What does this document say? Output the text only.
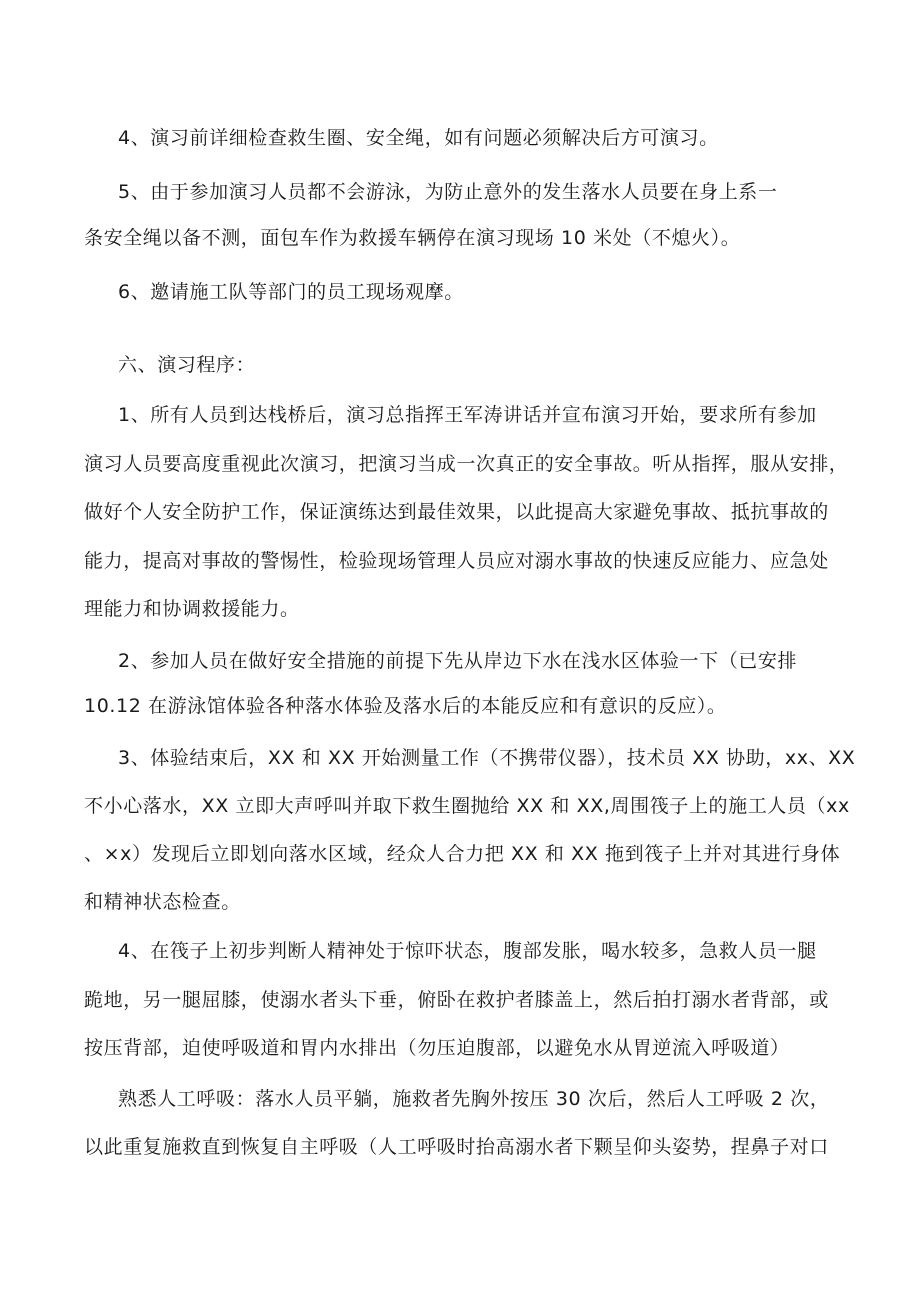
4、演习前详细检查救生圈、安全绳，如有问题必须解决后方可演习。
5、由于参加演习人员都不会游泳，为防止意外的发生落水人员要在身上系一
条安全绳以备不测，面包车作为救援车辆停在演习现场 10 米处（不熄火）。
6、邀请施工队等部门的员工现场观摩。
六、演习程序：
1、所有人员到达栈桥后，演习总指挥王军涛讲话并宣布演习开始，要求所有参加
演习人员要高度重视此次演习，把演习当成一次真正的安全事故。听从指挥，服从安排，
做好个人安全防护工作，保证演练达到最佳效果，以此提高大家避免事故、抵抗事故的
能力，提高对事故的警惕性，检验现场管理人员应对溺水事故的快速反应能力、应急处
理能力和协调救援能力。
2、参加人员在做好安全措施的前提下先从岸边下水在浅水区体验一下（已安排
10.12 在游泳馆体验各种落水体验及落水后的本能反应和有意识的反应）。
3、体验结束后，XX 和 XX 开始测量工作（不携带仪器），技术员 XX 协助，xx、XX
不小心落水，XX 立即大声呼叫并取下救生圈抛给 XX 和 XX,周围筏子上的施工人员（xx
、×x）发现后立即划向落水区域，经众人合力把 XX 和 XX 拖到筏子上并对其进行身体
和精神状态检查。
4、在筏子上初步判断人精神处于惊吓状态，腹部发胀，喝水较多，急救人员一腿
跪地，另一腿屈膝，使溺水者头下垂，俯卧在救护者膝盖上，然后拍打溺水者背部，或
按压背部，迫使呼吸道和胃内水排出（勿压迫腹部，以避免水从胃逆流入呼吸道）
熟悉人工呼吸：落水人员平躺，施救者先胸外按压 30 次后，然后人工呼吸 2 次，
以此重复施救直到恢复自主呼吸（人工呼吸时抬高溺水者下颗呈仰头姿势，捏鼻子对口
